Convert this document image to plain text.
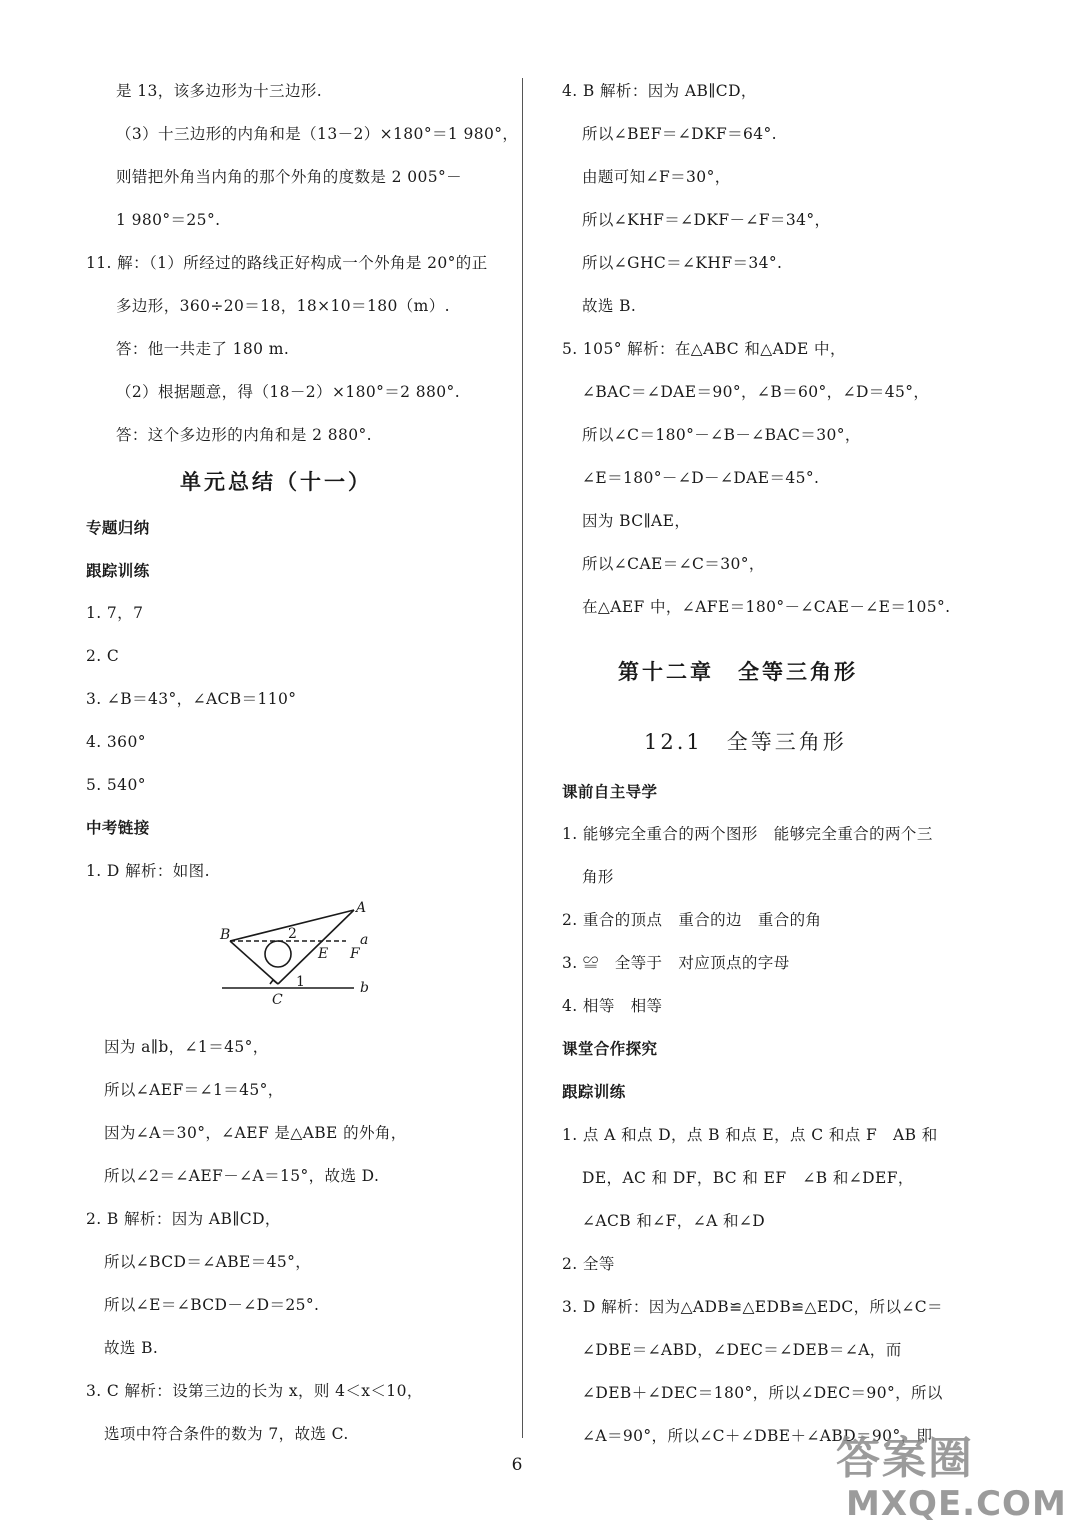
是 13，该多边形为十三边形.
（3）十三边形的内角和是（13－2）×180°＝1 980°，
则错把外角当内角的那个外角的度数是 2 005°－
1 980°＝25°.
11. 解：（1）所经过的路线正好构成一个外角是 20°的正
多边形，360÷20＝18，18×10＝180（m）.
答：他一共走了 180 m.
（2）根据题意，得（18－2）×180°＝2 880°.
答：这个多边形的内角和是 2 880°.
单元总结（十一）
专题归纳
跟踪训练
1. 7，7
2. C
3. ∠B＝43°，∠ACB＝110°
4. 360°
5. 540°
中考链接
1. D 解析：如图.
因为 a∥b，∠1＝45°，
所以∠AEF＝∠1＝45°，
因为∠A＝30°，∠AEF 是△ABE 的外角，
所以∠2＝∠AEF－∠A＝15°，故选 D.
2. B 解析：因为 AB∥CD，
所以∠BCD＝∠ABE＝45°，
所以∠E＝∠BCD－∠D＝25°.
故选 B.
3. C 解析：设第三边的长为 x，则 4＜x＜10，
选项中符合条件的数为 7，故选 C.
A
B	2	a
E F
1
C
b
4. B 解析：因为 AB∥CD，
所以∠BEF＝∠DKF＝64°.
由题可知∠F＝30°，
所以∠KHF＝∠DKF－∠F＝34°，
所以∠GHC＝∠KHF＝34°.
故选 B.
5. 105° 解析：在△ABC 和△ADE 中，
∠BAC＝∠DAE＝90°，∠B＝60°，∠D＝45°，
所以∠C＝180°－∠B－∠BAC＝30°，
∠E＝180°－∠D－∠DAE＝45°.
因为 BC∥AE，
所以∠CAE＝∠C＝30°，
在△AEF 中，∠AFE＝180°－∠CAE－∠E＝105°.
第十二章　全等三角形
12.1　全等三角形
课前自主导学
1. 能够完全重合的两个图形　能够完全重合的两个三
角形
2. 重合的顶点　重合的边　重合的角
3. ≌　全等于　对应顶点的字母
4. 相等　相等
课堂合作探究
跟踪训练
1. 点 A 和点 D，点 B 和点 E，点 C 和点 F　AB 和
DE，AC 和 DF，BC 和 EF　∠B 和∠DEF，
∠ACB 和∠F，∠A 和∠D
2. 全等
3. D 解析：因为△ADB≌△EDB≌△EDC，所以∠C＝
∠DBE＝∠ABD，∠DEC＝∠DEB＝∠A，而
∠DEB＋∠DEC＝180°，所以∠DEC＝90°，所以
∠A＝90°，所以∠C＋∠DBE＋∠ABD＝90°，即
6	答案圈
MXQE.COM
